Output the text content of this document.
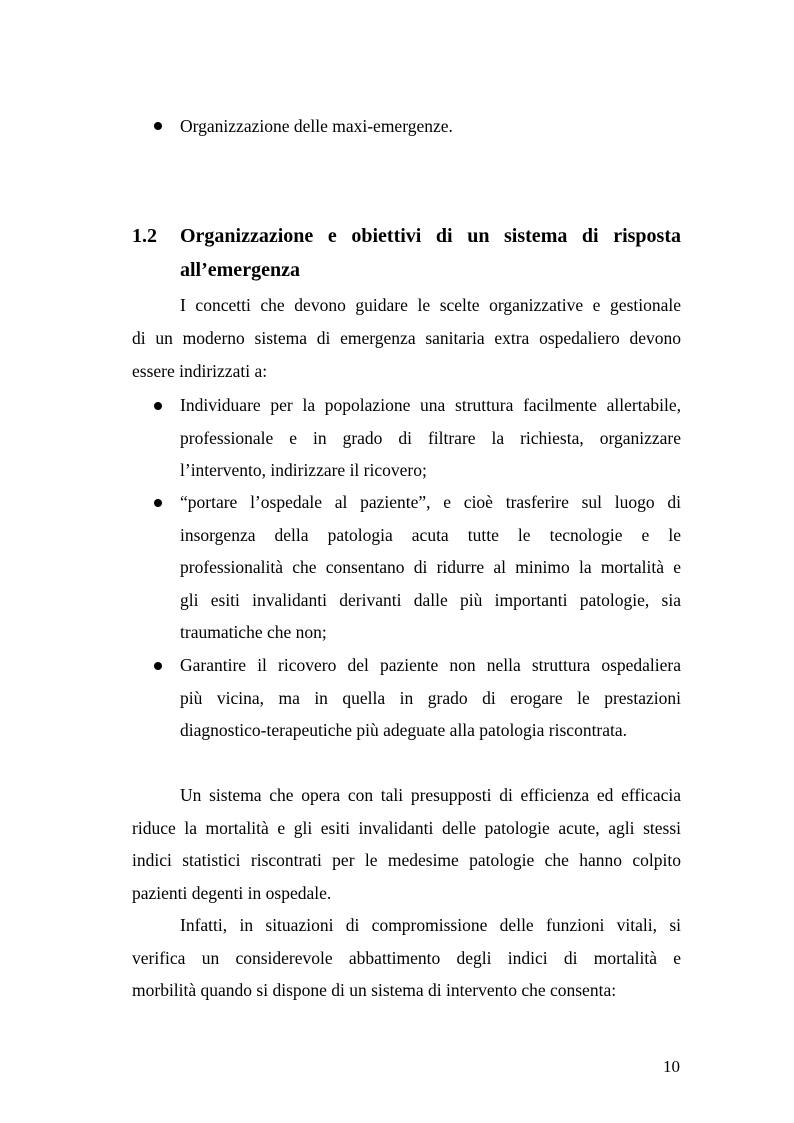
Organizzazione delle maxi-emergenze.
1.2 Organizzazione e obiettivi di un sistema di risposta
all’emergenza
I concetti che devono guidare le scelte organizzative e gestionale
di un moderno sistema di emergenza sanitaria extra ospedaliero devono
essere indirizzati a:
Individuare per la popolazione una struttura facilmente allertabile,
professionale e in grado di filtrare la richiesta, organizzare
l’intervento, indirizzare il ricovero;
“portare l’ospedale al paziente”, e cioè trasferire sul luogo di
insorgenza della patologia acuta tutte le tecnologie e le
professionalità che consentano di ridurre al minimo la mortalità e
gli esiti invalidanti derivanti dalle più importanti patologie, sia
traumatiche che non;
Garantire il ricovero del paziente non nella struttura ospedaliera
più vicina, ma in quella in grado di erogare le prestazioni
diagnostico-terapeutiche più adeguate alla patologia riscontrata.
Un sistema che opera con tali presupposti di efficienza ed efficacia
riduce la mortalità e gli esiti invalidanti delle patologie acute, agli stessi
indici statistici riscontrati per le medesime patologie che hanno colpito
pazienti degenti in ospedale.
Infatti, in situazioni di compromissione delle funzioni vitali, si
verifica un considerevole abbattimento degli indici di mortalità e
morbilità quando si dispone di un sistema di intervento che consenta:
10
